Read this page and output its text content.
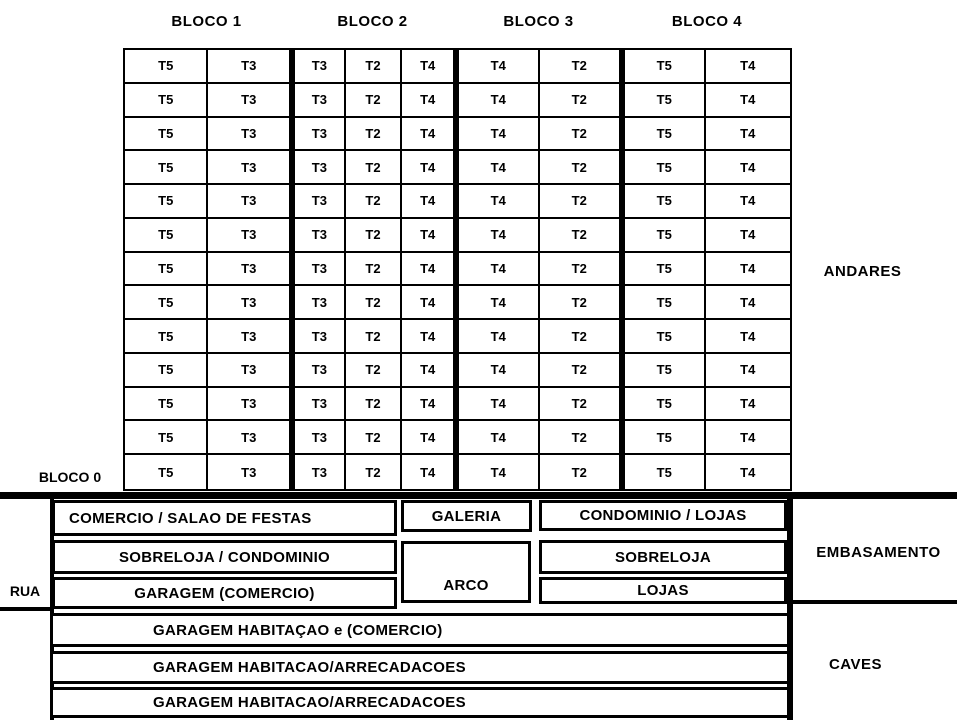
BLOCO 1	BLOCO 2	BLOCO 3	BLOCO 4
T5	T3	T3	T2	T4	T4	T2	T5	T4
T5	T3	T3	T2	T4	T4	T2	T5	T4
T5	T3	T3	T2	T4	T4	T2	T5	T4
T5	T3	T3	T2	T4	T4	T2	T5	T4
T5	T3	T3	T2	T4	T4	T2	T5	T4
T5	T3	T3	T2	T4	T4	T2	T5	T4
T5	T3	T3	T2	T4	T4	T2	T5	T4
T5	T3	T3	T2	T4	T4	T2	T5	T4
T5	T3	T3	T2	T4	T4	T2	T5	T4
T5	T3	T3	T2	T4	T4	T2	T5	T4
T5	T3	T3	T2	T4	T4	T2	T5	T4
T5	T3	T3	T2	T4	T4	T2	T5	T4
T5	T3	T3	T2	T4	T4	T2	T5	T4
BLOCO 0
ANDARES
RUA
COMERCIO / SALAO DE FESTAS
SOBRELOJA / CONDOMINIO
GARAGEM (COMERCIO)
GALERIA
ARCO
CONDOMINIO / LOJAS
SOBRELOJA
LOJAS
EMBASAMENTO
GARAGEM HABITAÇAO e (COMERCIO)
GARAGEM HABITACAO/ARRECADACOES
GARAGEM HABITACAO/ARRECADACOES
CAVES
